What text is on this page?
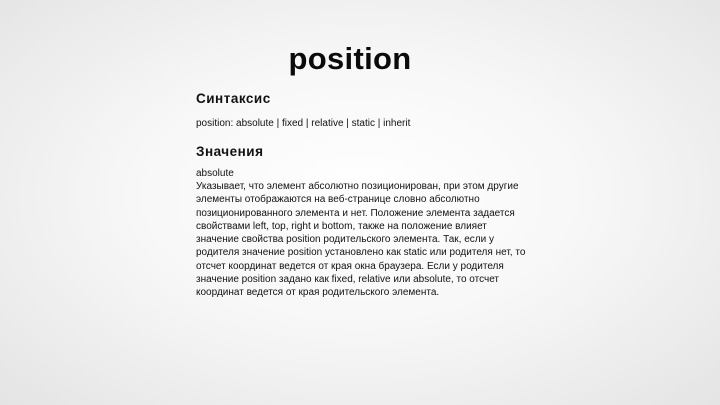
position
Синтаксис
position: absolute | fixed | relative | static | inherit
Значения
absolute
Указывает, что элемент абсолютно позиционирован, при этом другие элементы отображаются на веб-странице словно абсолютно позиционированного элемента и нет. Положение элемента задается свойствами left, top, right и bottom, также на положение влияет значение свойства position родительского элемента. Так, если у родителя значение position установлено как static или родителя нет, то отсчет координат ведется от края окна браузера. Если у родителя значение position задано как fixed, relative или absolute, то отсчет координат ведется от края родительского элемента.
